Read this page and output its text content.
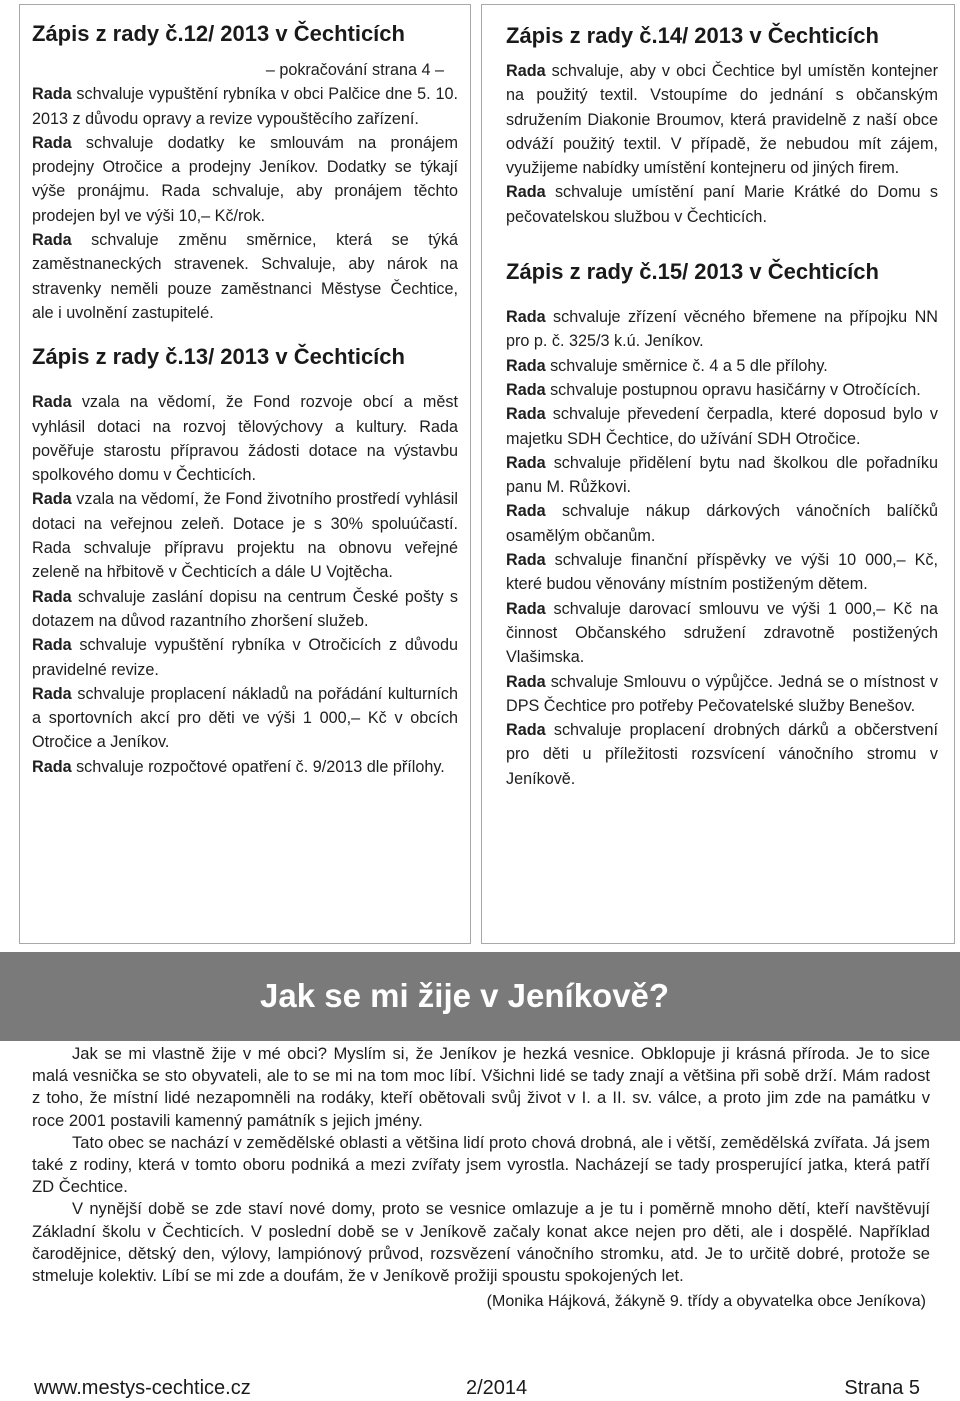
Zápis z rady č.12/ 2013 v Čechticích
– pokračování strana 4 –
Rada schvaluje vypuštění rybníka v obci Palčice dne 5. 10. 2013 z důvodu opravy a revize vypouštěcího zařízení.
Rada schvaluje dodatky ke smlouvám na pronájem prodejny Otročice a prodejny Jeníkov. Dodatky se týkají výše pronájmu. Rada schvaluje, aby pronájem těchto prodejen byl ve výši 10,– Kč/rok.
Rada schvaluje změnu směrnice, která se týká zaměstnaneckých stravenek. Schvaluje, aby nárok na stravenky neměli pouze zaměstnanci Městyse Čechtice, ale i uvolnění zastupitelé.
Zápis z rady č.13/ 2013 v Čechticích
Rada vzala na vědomí, že Fond rozvoje obcí a měst vyhlásil dotaci na rozvoj tělovýchovy a kultury. Rada pověřuje starostu přípravou žádosti dotace na výstavbu spolkového domu v Čechticích.
Rada vzala na vědomí, že Fond životního prostředí vyhlásil dotaci na veřejnou zeleň. Dotace je s 30% spoluúčastí. Rada schvaluje přípravu projektu na obnovu veřejné zeleně na hřbitově v Čechticích a dále U Vojtěcha.
Rada schvaluje zaslání dopisu na centrum České pošty s dotazem na důvod razantního zhoršení služeb.
Rada schvaluje vypuštění rybníka v Otročicích z důvodu pravidelné revize.
Rada schvaluje proplacení nákladů na pořádání kulturních a sportovních akcí pro děti ve výši 1 000,– Kč v obcích Otročice a Jeníkov.
Rada schvaluje rozpočtové opatření č. 9/2013 dle přílohy.
Zápis z rady č.14/ 2013 v Čechticích
Rada schvaluje, aby v obci Čechtice byl umístěn kontejner na použitý textil. Vstoupíme do jednání s občanským sdružením Diakonie Broumov, která pravidelně z naší obce odváží použitý textil. V případě, že nebudou mít zájem, využijeme nabídky umístění kontejneru od jiných firem.
Rada schvaluje umístění paní Marie Krátké do Domu s pečovatelskou službou v Čechticích.
Zápis z rady č.15/ 2013 v Čechticích
Rada schvaluje zřízení věcného břemene na přípojku NN pro p. č. 325/3 k.ú. Jeníkov.
Rada schvaluje směrnice č. 4 a 5 dle přílohy.
Rada schvaluje postupnou opravu hasičárny v Otročících.
Rada schvaluje převedení čerpadla, které doposud bylo v majetku SDH Čechtice, do užívání SDH Otročice.
Rada schvaluje přidělení bytu nad školkou dle pořadníku panu M. Růžkovi.
Rada schvaluje nákup dárkových vánočních balíčků osamělým občanům.
Rada schvaluje finanční příspěvky ve výši 10 000,– Kč, které budou věnovány místním postiženým dětem.
Rada schvaluje darovací smlouvu ve výši 1 000,– Kč na činnost Občanského sdružení zdravotně postižených Vlašimska.
Rada schvaluje Smlouvu o výpůjčce. Jedná se o místnost v DPS Čechtice pro potřeby Pečovatelské služby Benešov.
Rada schvaluje proplacení drobných dárků a občerstvení pro děti u příležitosti rozsvícení vánočního stromu v Jeníkově.
Jak se mi žije v Jeníkově?
Jak se mi vlastně žije v mé obci? Myslím si, že Jeníkov je hezká vesnice. Obklopuje ji krásná příroda. Je to sice malá vesnička se sto obyvateli, ale to se mi na tom moc líbí. Všichni lidé se tady znají a většina při sobě drží. Mám radost z toho, že místní lidé nezapomněli na rodáky, kteří obětovali svůj život v I. a II. sv. válce, a proto jim zde na památku v roce 2001 postavili kamenný památník s jejich jmény.
Tato obec se nachází v zemědělské oblasti a většina lidí proto chová drobná, ale i větší, zemědělská zvířata. Já jsem také z rodiny, která v tomto oboru podniká a mezi zvířaty jsem vyrostla. Nacházejí se tady prosperující jatka, která patří ZD Čechtice.
V nynější době se zde staví nové domy, proto se vesnice omlazuje a je tu i poměrně mnoho dětí, kteří navštěvují Základní školu v Čechticích. V poslední době se v Jeníkově začaly konat akce nejen pro děti, ale i dospělé. Například čarodějnice, dětský den, výlovy, lampiónový průvod, rozsvězení vánočního stromku, atd. Je to určitě dobré, protože se stmeluje kolektiv. Líbí se mi zde a doufám, že v Jeníkově prožiji spoustu spokojených let.
(Monika Hájková, žákyně 9. třídy a obyvatelka obce Jeníkova)
www.mestys-cechtice.cz	2/2014	Strana 5
